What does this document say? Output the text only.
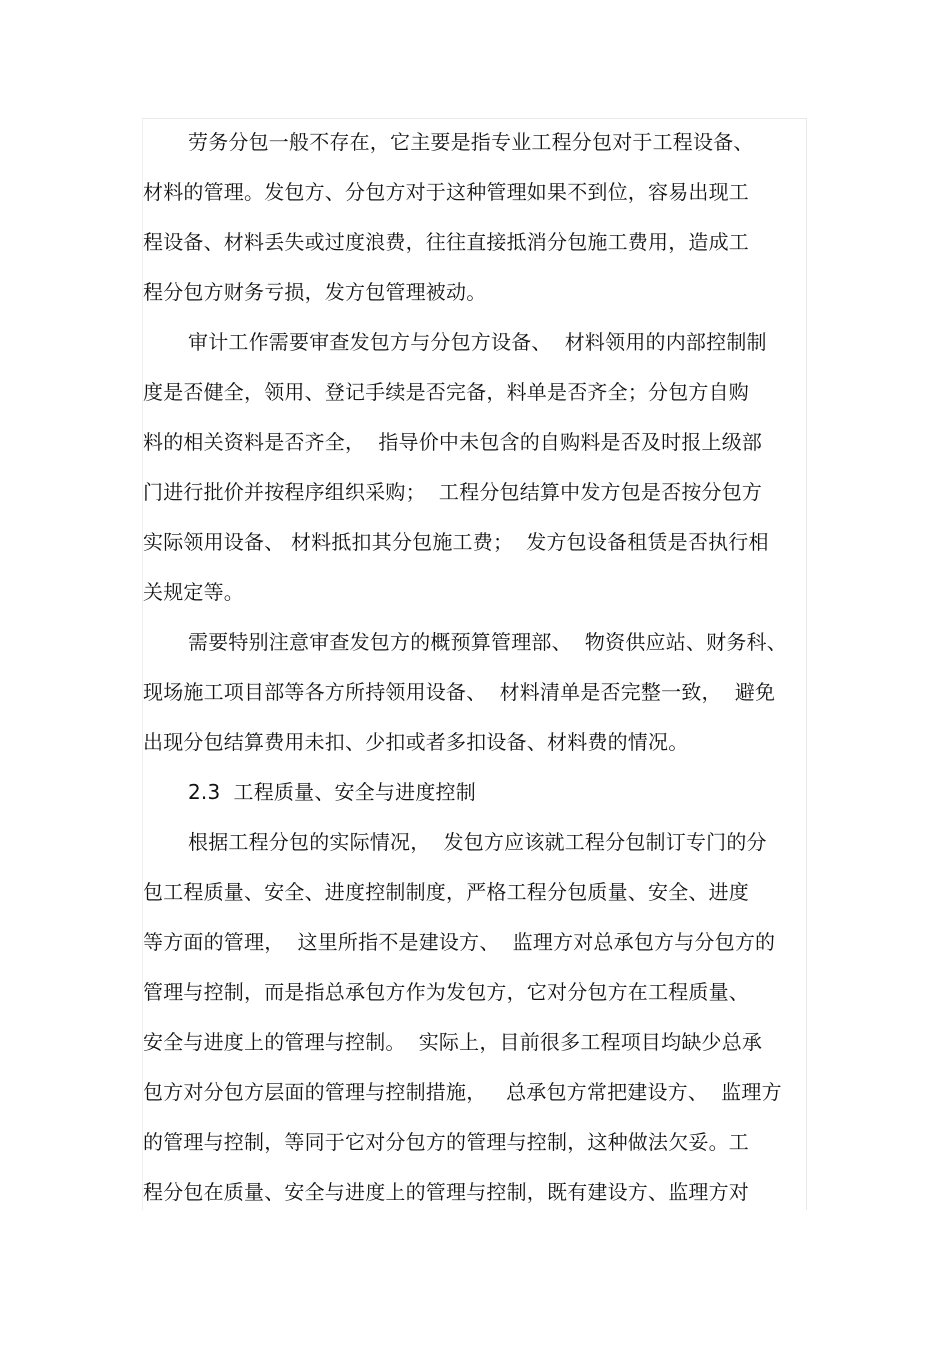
劳务分包一般不存在，它主要是指专业工程分包对于工程设备、
材料的管理。发包方、分包方对于这种管理如果不到位，容易出现工
程设备、材料丢失或过度浪费，往往直接抵消分包施工费用，造成工
程分包方财务亏损，发方包管理被动。
审计工作需要审查发包方与分包方设备、  材料领用的内部控制制
度是否健全，领用、登记手续是否完备，料单是否齐全；分包方自购
料的相关资料是否齐全，  指导价中未包含的自购料是否及时报上级部
门进行批价并按程序组织采购；  工程分包结算中发方包是否按分包方
实际领用设备、 材料抵扣其分包施工费；  发方包设备租赁是否执行相
关规定等。
需要特别注意审查发包方的概预算管理部、  物资供应站、财务科、
现场施工项目部等各方所持领用设备、  材料清单是否完整一致，  避免
出现分包结算费用未扣、少扣或者多扣设备、材料费的情况。
2.3  工程质量、安全与进度控制
根据工程分包的实际情况，  发包方应该就工程分包制订专门的分
包工程质量、安全、进度控制制度，严格工程分包质量、安全、进度
等方面的管理，  这里所指不是建设方、  监理方对总承包方与分包方的
管理与控制，而是指总承包方作为发包方，它对分包方在工程质量、
安全与进度上的管理与控制。  实际上，目前很多工程项目均缺少总承
包方对分包方层面的管理与控制措施，   总承包方常把建设方、  监理方
的管理与控制，等同于它对分包方的管理与控制，这种做法欠妥。工
程分包在质量、安全与进度上的管理与控制，既有建设方、监理方对
